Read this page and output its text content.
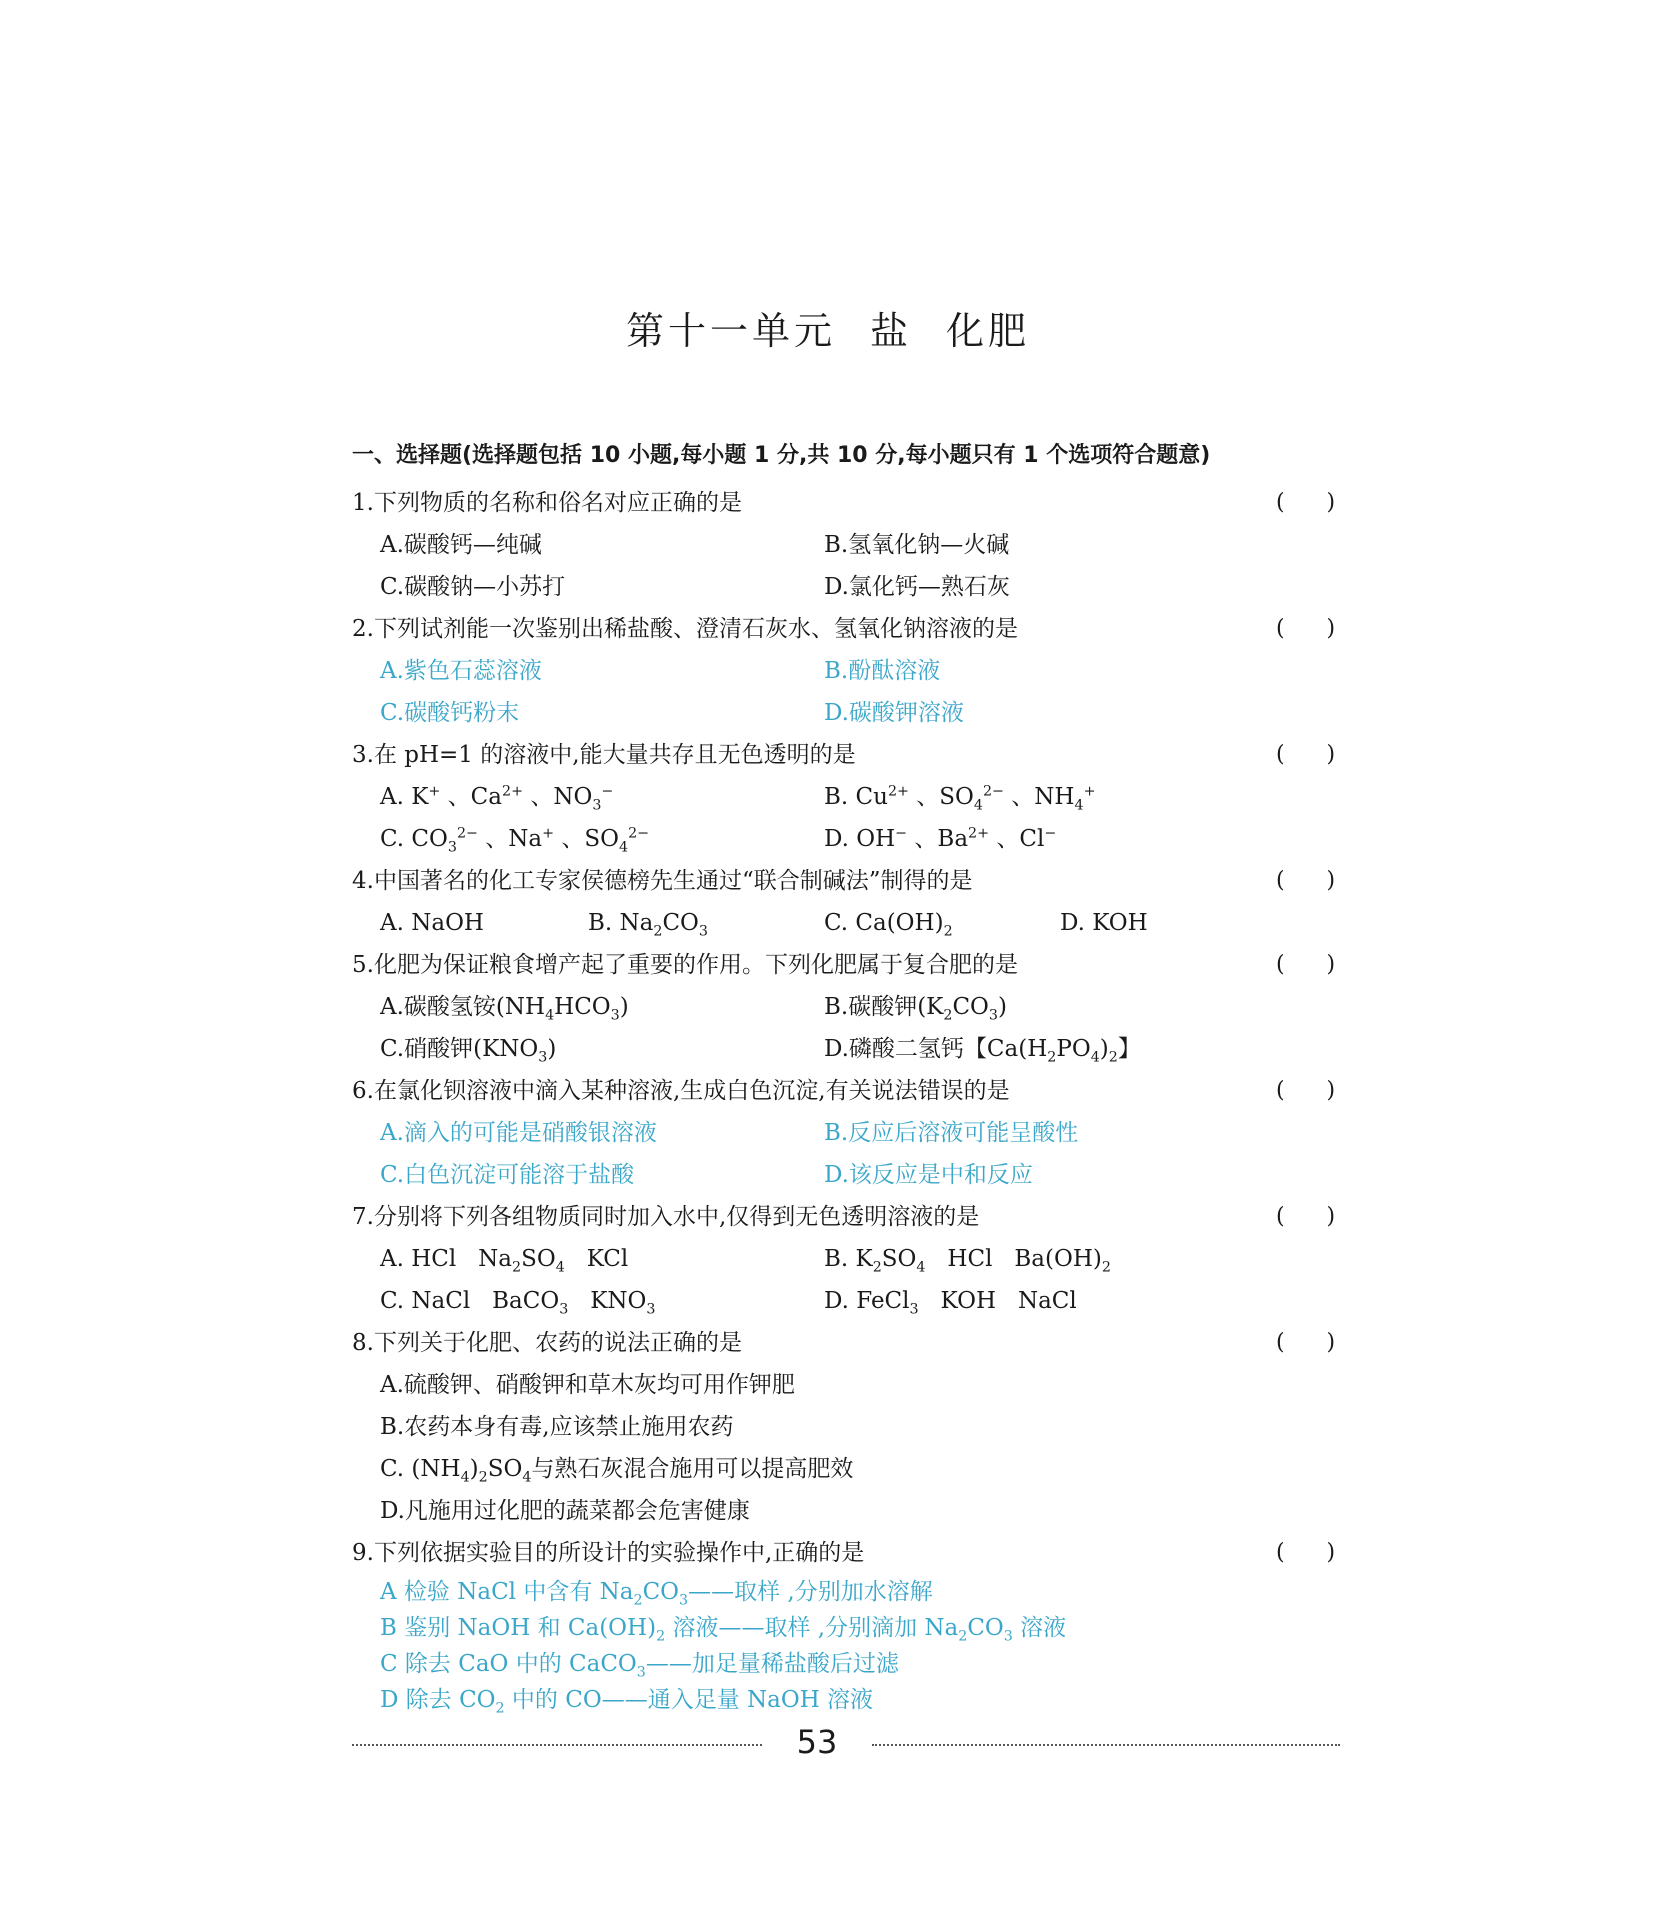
第十一单元 盐 化肥
一、选择题(选择题包括 10 小题,每小题 1 分,共 10 分,每小题只有 1 个选项符合题意)
1.下列物质的名称和俗名对应正确的是	(      )
A.碳酸钙—纯碱	B.氢氧化钠—火碱
C.碳酸钠—小苏打	D.氯化钙—熟石灰
2.下列试剂能一次鉴别出稀盐酸、澄清石灰水、氢氧化钠溶液的是	(      )
A.紫色石蕊溶液	B.酚酞溶液
C.碳酸钙粉末	D.碳酸钾溶液
3.在 pH=1 的溶液中,能大量共存且无色透明的是	(      )
A. K+ 、$Ca^{2+}$ 、$NO_3^-$	B. $Cu^{2+}$ 、$SO_4^{2-}$ 、$NH_4^+$
C. $CO_3^{2-}$ 、Na+ 、$SO_4^{2-}$	D. OH− 、$Ba^{2+}$ 、Cl−
4.中国著名的化工专家侯德榜先生通过“联合制碱法”制得的是	(      )
A. NaOH	B. $Na_2CO_3$	C. $Ca(OH)_2$	D. KOH
5.化肥为保证粮食增产起了重要的作用。下列化肥属于复合肥的是	(      )
A.碳酸氢铵$(NH_4HCO_3)$	B.碳酸钾$(K_2CO_3)$
C.硝酸钾$(KNO_3)$	D.磷酸二氢钙【$Ca(H_2PO_4)_2$】
6.在氯化钡溶液中滴入某种溶液,生成白色沉淀,有关说法错误的是	(      )
A.滴入的可能是硝酸银溶液	B.反应后溶液可能呈酸性
C.白色沉淀可能溶于盐酸	D.该反应是中和反应
7.分别将下列各组物质同时加入水中,仅得到无色透明溶液的是	(      )
A. HCl   $Na_2SO_4$   KCl	B. $K_2SO_4$   HCl   $Ba(OH)_2$
C. NaCl   BaCO$_3$   $KNO_3$	D. FeCl$_3$   KOH   NaCl
8.下列关于化肥、农药的说法正确的是	(      )
A.硫酸钾、硝酸钾和草木灰均可用作钾肥
B.农药本身有毒,应该禁止施用农药
C. $(NH_4)_2SO_4$与熟石灰混合施用可以提高肥效
D.凡施用过化肥的蔬菜都会危害健康
9.下列依据实验目的所设计的实验操作中,正确的是	(      )
A 检验 NaCl 中含有 $Na_2CO_3——$取样 ,分别加水溶解
B 鉴别 NaOH 和 $Ca(OH)_2$ 溶液——取样 ,分别滴加 $Na_2CO_3$ 溶液
C 除去 CaO 中的 CaCO$_3$——加足量稀盐酸后过滤
D 除去 $CO_2$ 中的 CO——通入足量 NaOH 溶液
53
